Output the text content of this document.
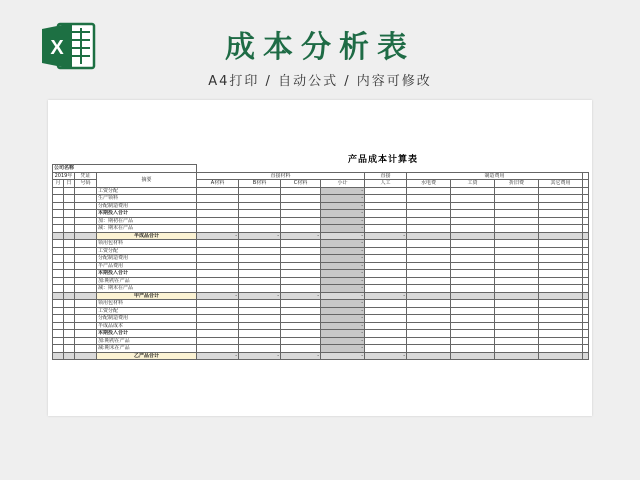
X	成本分析表
A4打印 / 自动公式 / 内容可修改
产品成本计算表
公司名称													
2019年		凭证	摘要	直接材料				直接	制造费用				
月	日	号码		A材料	B材料	C材料	小计	人工	水电费	工资	折旧费	其它费用	
			工资分配				-						
			生产领料				-						
			分配制造费用				-						
			本期投入合计				-						
			加：期初在产品				-						
			减：期末在产品				-						
			半成品合计	-	-	-	-	-					
			领用包材料				-						
			工资分配				-						
			分配制造费用				-						
			半产品费用				-						
			本期投入合计				-						
			加:期初在产品				-						
			减：期末在产品				-						
			甲产品合计	-	-	-	-	-					
			领用包材料				-						
			工资分配				-						
			分配制造费用				-						
			半成品成本				-						
			本期投入合计				-						
			加:期初在产品				-						
			减:期末在产品				-						
			乙产品合计	-	-	-	-	-					
